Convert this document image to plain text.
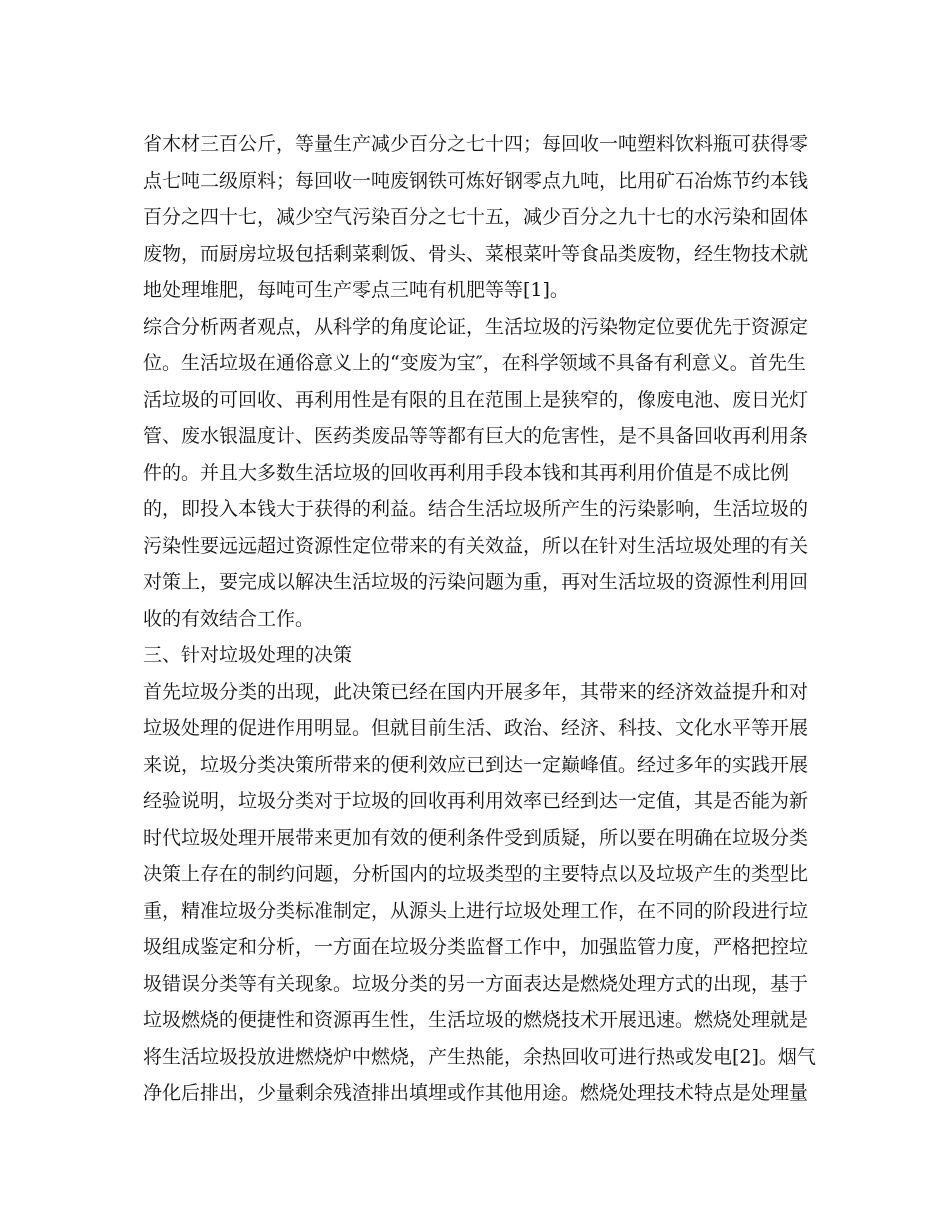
省木材三百公斤，等量生产减少百分之七十四；每回收一吨塑料饮料瓶可获得零
点七吨二级原料；每回收一吨废钢铁可炼好钢零点九吨，比用矿石冶炼节约本钱
百分之四十七，减少空气污染百分之七十五，减少百分之九十七的水污染和固体
废物，而厨房垃圾包括剩菜剩饭、骨头、菜根菜叶等食品类废物，经生物技术就
地处理堆肥，每吨可生产零点三吨有机肥等等[1]。
综合分析两者观点，从科学的角度论证，生活垃圾的污染物定位要优先于资源定
位。生活垃圾在通俗意义上的“变废为宝″，在科学领域不具备有利意义。首先生
活垃圾的可回收、再利用性是有限的且在范围上是狭窄的，像废电池、废日光灯
管、废水银温度计、医药类废品等等都有巨大的危害性，是不具备回收再利用条
件的。并且大多数生活垃圾的回收再利用手段本钱和其再利用价值是不成比例
的，即投入本钱大于获得的利益。结合生活垃圾所产生的污染影响，生活垃圾的
污染性要远远超过资源性定位带来的有关效益，所以在针对生活垃圾处理的有关
对策上，要完成以解决生活垃圾的污染问题为重，再对生活垃圾的资源性利用回
收的有效结合工作。
三、针对垃圾处理的决策
首先垃圾分类的出现，此决策已经在国内开展多年，其带来的经济效益提升和对
垃圾处理的促进作用明显。但就目前生活、政治、经济、科技、文化水平等开展
来说，垃圾分类决策所带来的便利效应已到达一定巅峰值。经过多年的实践开展
经验说明，垃圾分类对于垃圾的回收再利用效率已经到达一定值，其是否能为新
时代垃圾处理开展带来更加有效的便利条件受到质疑，所以要在明确在垃圾分类
决策上存在的制约问题，分析国内的垃圾类型的主要特点以及垃圾产生的类型比
重，精准垃圾分类标准制定，从源头上进行垃圾处理工作，在不同的阶段进行垃
圾组成鉴定和分析，一方面在垃圾分类监督工作中，加强监管力度，严格把控垃
圾错误分类等有关现象。垃圾分类的另一方面表达是燃烧处理方式的出现，基于
垃圾燃烧的便捷性和资源再生性，生活垃圾的燃烧技术开展迅速。燃烧处理就是
将生活垃圾投放进燃烧炉中燃烧，产生热能，余热回收可进行热或发电[2]。烟气
净化后排出，少量剩余残渣排出填埋或作其他用途。燃烧处理技术特点是处理量
